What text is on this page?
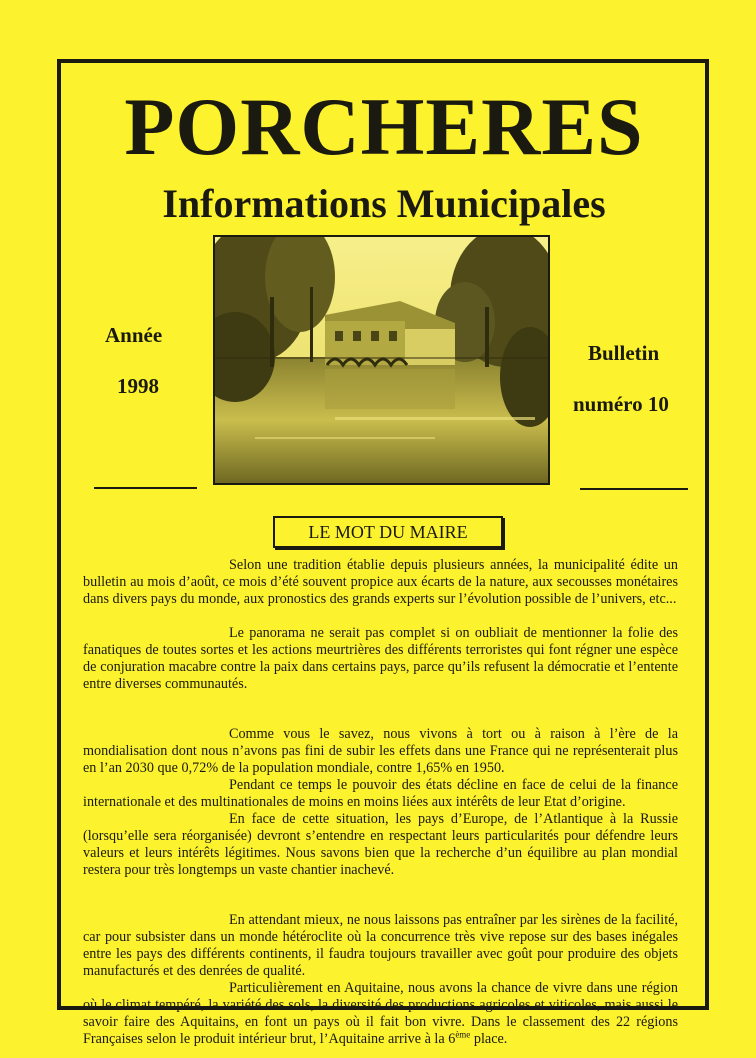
PORCHERES
Informations Municipales
Année
1998
Bulletin
numéro 10
LE MOT DU MAIRE

Selon une tradition établie depuis plusieurs années, la municipalité édite un bulletin au mois d’août, ce mois d’été souvent propice aux écarts de la nature, aux secousses monétaires dans divers pays du monde, aux pronostics des grands experts sur l’évolution possible de l’univers, etc...

Le panorama ne serait pas complet si on oubliait de mentionner la folie des fanatiques de toutes sortes et les actions meurtrières des différents terroristes qui font régner une espèce de conjuration macabre contre la paix dans certains pays, parce qu’ils refusent la démocratie et l’entente entre diverses communautés.

Comme vous le savez, nous vivons à tort ou à raison à l’ère de la mondialisation dont nous n’avons pas fini de subir les effets dans une France qui ne représenterait plus en l’an 2030 que 0,72% de la population mondiale, contre 1,65% en 1950.

Pendant ce temps le pouvoir des états décline en face de celui de la finance internationale et des multinationales de moins en moins liées aux intérêts de leur Etat d’origine.

En face de cette situation, les pays d’Europe, de l’Atlantique à la Russie (lorsqu’elle sera réorganisée) devront s’entendre en respectant leurs particularités pour défendre leurs valeurs et leurs intérêts légitimes. Nous savons bien que la recherche d’un équilibre au plan mondial restera pour très longtemps un vaste chantier inachevé.

En attendant mieux, ne nous laissons pas entraîner par les sirènes de la facilité, car pour subsister dans un monde hétéroclite où la concurrence très vive repose sur des bases inégales entre les pays des différents continents, il faudra toujours travailler avec goût pour produire des objets manufacturés et des denrées de qualité.

Particulièrement en Aquitaine, nous avons la chance de vivre dans une région où le climat tempéré, la variété des sols, la diversité des productions agricoles et viticoles, mais aussi le savoir faire des Aquitains, en font un pays où il fait bon vivre. Dans le classement des 22 régions Françaises selon le produit intérieur brut, l’Aquitaine arrive à la 6ème place.
